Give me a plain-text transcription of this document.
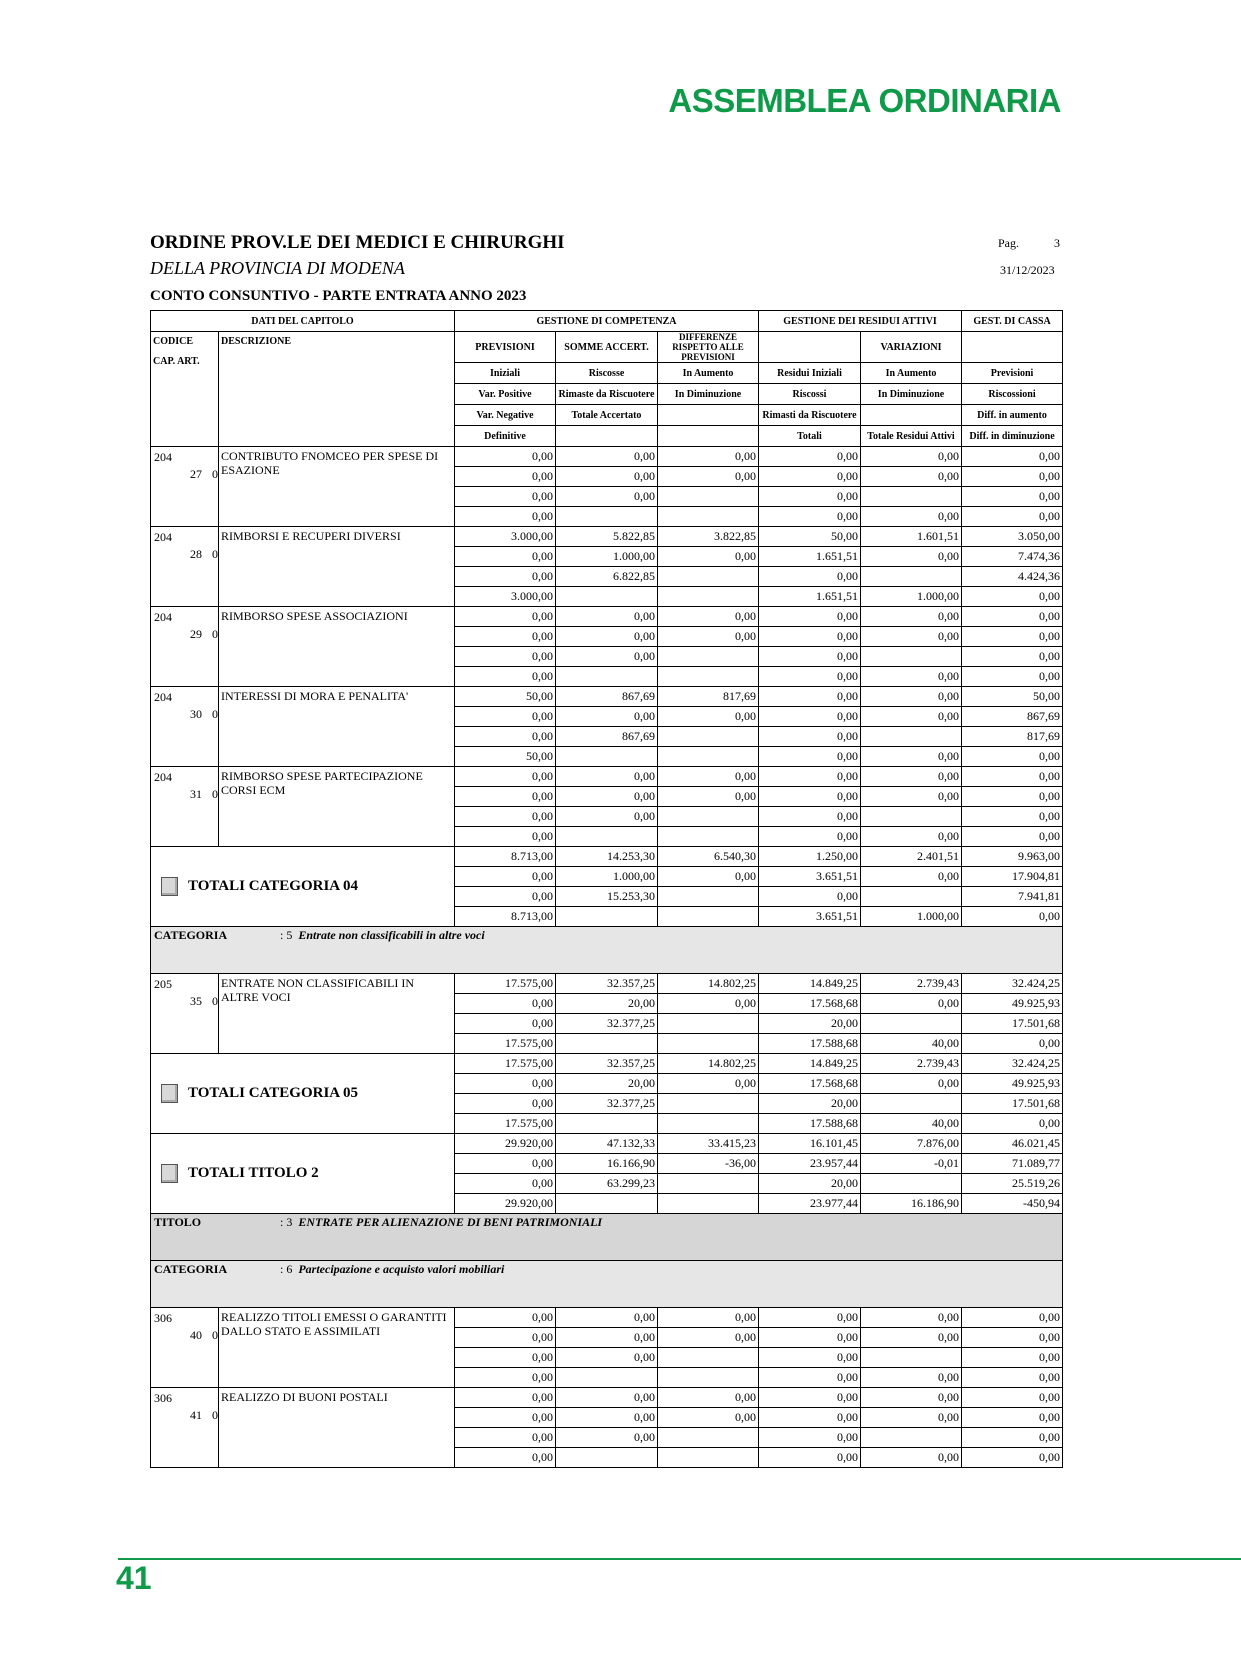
ASSEMBLEA ORDINARIA
ORDINE PROV.LE DEI MEDICI E CHIRURGHI
DELLA PROVINCIA DI MODENA
CONTO CONSUNTIVO - PARTE ENTRATA ANNO 2023
Pag.	3
31/12/2023
DATI DEL CAPITOLO		GESTIONE DI COMPETENZA			GESTIONE DEI RESIDUI ATTIVI		GEST. DI CASSA
CODICE
CAP. ART.	DESCRIZIONE	PREVISIONI	SOMME ACCERT.	DIFFERENZE RISPETTO ALLE PREVISIONI		VARIAZIONI	
		Iniziali	Riscosse	In Aumento	Residui Iniziali	In Aumento	Previsioni
		Var. Positive	Rimaste da Riscuotere	In Diminuzione	Riscossi	In Diminuzione	Riscossioni
		Var. Negative	Totale Accertato		Rimasti da Riscuotere		Diff. in aumento
		Definitive			Totali	Totale Residui Attivi	Diff. in diminuzione

204
27 0	CONTRIBUTO FNOMCEO PER SPESE DI ESAZIONE	0,00	0,00	0,00	0,00	0,00	0,00
		0,00	0,00	0,00	0,00	0,00	0,00
		0,00	0,00		0,00		0,00
		0,00			0,00	0,00	0,00

204
28 0	RIMBORSI E RECUPERI DIVERSI	3.000,00	5.822,85	3.822,85	50,00	1.601,51	3.050,00
		0,00	1.000,00	0,00	1.651,51	0,00	7.474,36
		0,00	6.822,85		0,00		4.424,36
		3.000,00			1.651,51	1.000,00	0,00

204
29 0	RIMBORSO SPESE ASSOCIAZIONI	0,00	0,00	0,00	0,00	0,00	0,00
		0,00	0,00	0,00	0,00	0,00	0,00
		0,00	0,00		0,00		0,00
		0,00			0,00	0,00	0,00

204
30 0	INTERESSI DI MORA E PENALITA'	50,00	867,69	817,69	0,00	0,00	50,00
		0,00	0,00	0,00	0,00	0,00	867,69
		0,00	867,69		0,00		817,69
		50,00			0,00	0,00	0,00

204
31 0	RIMBORSO SPESE PARTECIPAZIONE CORSI ECM	0,00	0,00	0,00	0,00	0,00	0,00
		0,00	0,00	0,00	0,00	0,00	0,00
		0,00	0,00		0,00		0,00
		0,00			0,00	0,00	0,00
TOTALI CATEGORIA 04		8.713,00	14.253,30	6.540,30	1.250,00	2.401,51	9.963,00
		0,00	1.000,00	0,00	3.651,51	0,00	17.904,81
		0,00	15.253,30		0,00		7.941,81
		8.713,00			3.651,51	1.000,00	0,00
CATEGORIA : 5 Entrate non classificabili in altre voci							

205
35 0	ENTRATE NON CLASSIFICABILI IN ALTRE VOCI	17.575,00	32.357,25	14.802,25	14.849,25	2.739,43	32.424,25
		0,00	20,00	0,00	17.568,68	0,00	49.925,93
		0,00	32.377,25		20,00		17.501,68
		17.575,00			17.588,68	40,00	0,00
TOTALI CATEGORIA 05		17.575,00	32.357,25	14.802,25	14.849,25	2.739,43	32.424,25
		0,00	20,00	0,00	17.568,68	0,00	49.925,93
		0,00	32.377,25		20,00		17.501,68
		17.575,00			17.588,68	40,00	0,00
TOTALI TITOLO 2		29.920,00	47.132,33	33.415,23	16.101,45	7.876,00	46.021,45
		0,00	16.166,90	-36,00	23.957,44	-0,01	71.089,77
		0,00	63.299,23		20,00		25.519,26
		29.920,00			23.977,44	16.186,90	-450,94
TITOLO : 3 ENTRATE PER ALIENAZIONE DI BENI PATRIMONIALI							
CATEGORIA : 6 Partecipazione e acquisto valori mobiliari							

306
40 0	REALIZZO TITOLI EMESSI O GARANTITI DALLO STATO E ASSIMILATI	0,00	0,00	0,00	0,00	0,00	0,00
		0,00	0,00	0,00	0,00	0,00	0,00
		0,00	0,00		0,00		0,00
		0,00			0,00	0,00	0,00

306
41 0	REALIZZO DI BUONI POSTALI	0,00	0,00	0,00	0,00	0,00	0,00
		0,00	0,00	0,00	0,00	0,00	0,00
		0,00	0,00		0,00		0,00
		0,00			0,00	0,00	0,00
41
